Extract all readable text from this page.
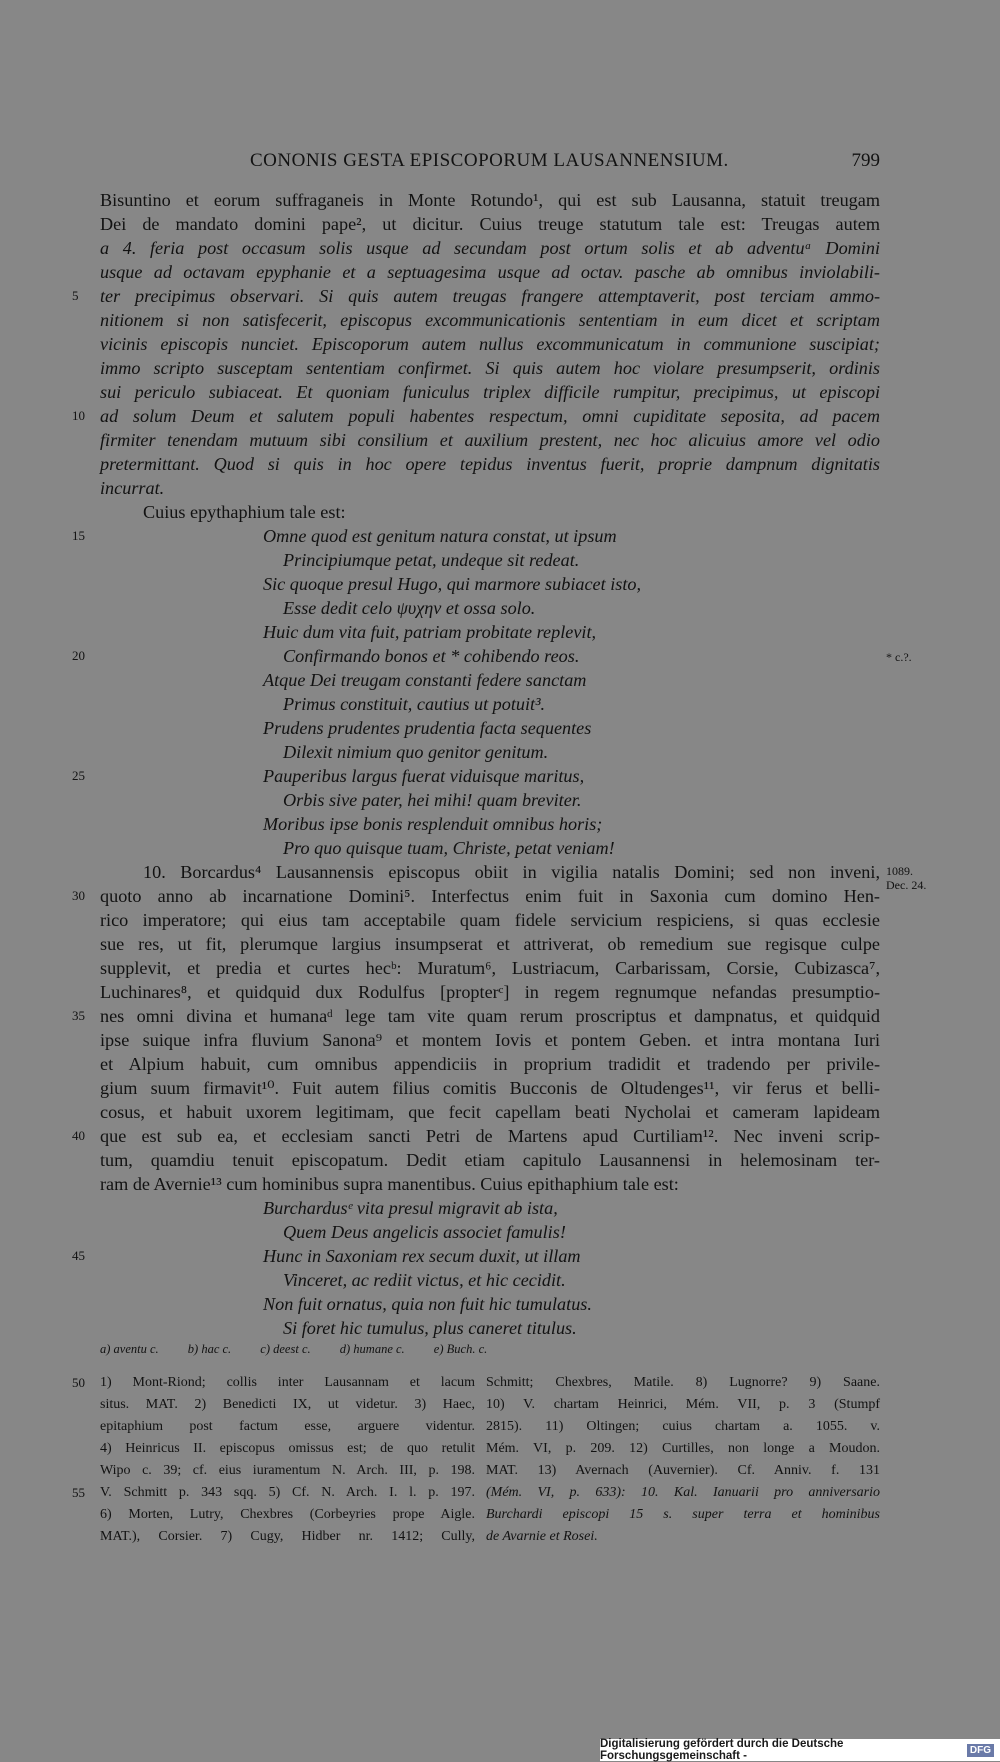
CONONIS GESTA EPISCOPORUM LAUSANNENSIUM.	799
Bisuntino et eorum suffraganeis in Monte Rotundo¹, qui est sub Lausanna, statuit treugam
Dei de mandato domini pape², ut dicitur. Cuius treuge statutum tale est: Treugas autem
a 4. feria post occasum solis usque ad secundam post ortum solis et ab adventuᵃ Domini
usque ad octavam epyphanie et a septuagesima usque ad octav. pasche ab omnibus inviolabili-
ter precipimus observari. Si quis autem treugas frangere attemptaverit, post terciam ammo-
nitionem si non satisfecerit, episcopus excommunicationis sententiam in eum dicet et scriptam
vicinis episcopis nunciet. Episcoporum autem nullus excommunicatum in communione suscipiat;
immo scripto susceptam sententiam confirmet. Si quis autem hoc violare presumpserit, ordinis
sui periculo subiaceat. Et quoniam funiculus triplex difficile rumpitur, precipimus, ut episcopi
ad solum Deum et salutem populi habentes respectum, omni cupiditate seposita, ad pacem
firmiter tenendam mutuum sibi consilium et auxilium prestent, nec hoc alicuius amore vel odio
pretermittant. Quod si quis in hoc opere tepidus inventus fuerit, proprie dampnum dignitatis
incurrat.
Cuius epythaphium tale est:
Omne quod est genitum natura constat, ut ipsum
Principiumque petat, undeque sit redeat.
Sic quoque presul Hugo, qui marmore subiacet isto,
Esse dedit celo ψυχην et ossa solo.
Huic dum vita fuit, patriam probitate replevit,
Confirmando bonos et * cohibendo reos.
Atque Dei treugam constanti federe sanctam
Primus constituit, cautius ut potuit³.
Prudens prudentes prudentia facta sequentes
Dilexit nimium quo genitor genitum.
Pauperibus largus fuerat viduisque maritus,
Orbis sive pater, hei mihi! quam breviter.
Moribus ipse bonis resplenduit omnibus horis;
Pro quo quisque tuam, Christe, petat veniam!
10. Borcardus⁴ Lausannensis episcopus obiit in vigilia natalis Domini; sed non inveni,
quoto anno ab incarnatione Domini⁵. Interfectus enim fuit in Saxonia cum domino Hen-
rico imperatore; qui eius tam acceptabile quam fidele servicium respiciens, si quas ecclesie
sue res, ut fit, plerumque largius insumpserat et attriverat, ob remedium sue regisque culpe
supplevit, et predia et curtes hecᵇ: Muratum⁶, Lustriacum, Carbarissam, Corsie, Cubizasca⁷,
Luchinares⁸, et quidquid dux Rodulfus [propterᶜ] in regem regnumque nefandas presumptio-
nes omni divina et humanaᵈ lege tam vite quam rerum proscriptus et dampnatus, et quidquid
ipse suique infra fluvium Sanona⁹ et montem Iovis et pontem Geben. et intra montana Iuri
et Alpium habuit, cum omnibus appendiciis in proprium tradidit et tradendo per privile-
gium suum firmavit¹⁰. Fuit autem filius comitis Bucconis de Oltudenges¹¹, vir ferus et belli-
cosus, et habuit uxorem legitimam, que fecit capellam beati Nycholai et cameram lapideam
que est sub ea, et ecclesiam sancti Petri de Martens apud Curtiliam¹². Nec inveni scrip-
tum, quamdiu tenuit episcopatum. Dedit etiam capitulo Lausannensi in helemosinam ter-
ram de Avernie¹³ cum hominibus supra manentibus. Cuius epithaphium tale est:
Burchardusᵉ vita presul migravit ab ista,
Quem Deus angelicis associet famulis!
Hunc in Saxoniam rex secum duxit, ut illam
Vinceret, ac rediit victus, et hic cecidit.
Non fuit ornatus, quia non fuit hic tumulatus.
Si foret hic tumulus, plus caneret titulus.
5
10
15
20
25
30
35
40
45
* c.?.
1089.
Dec. 24.
a) aventu c. b) hac c. c) deest c. d) humane c. e) Buch. c.
1) Mont-Riond; collis inter Lausannam et lacum
situs. MAT. 2) Benedicti IX, ut videtur. 3) Haec,
epitaphium post factum esse, arguere videntur.
4) Heinricus II. episcopus omissus est; de quo retulit
Wipo c. 39; cf. eius iuramentum N. Arch. III, p. 198.
V. Schmitt p. 343 sqq. 5) Cf. N. Arch. I. l. p. 197.
6) Morten, Lutry, Chexbres (Corbeyries prope Aigle.
MAT.), Corsier. 7) Cugy, Hidber nr. 1412; Cully,
Schmitt; Chexbres, Matile. 8) Lugnorre? 9) Saane.
10) V. chartam Heinrici, Mém. VII, p. 3 (Stumpf
2815). 11) Oltingen; cuius chartam a. 1055. v.
Mém. VI, p. 209. 12) Curtilles, non longe a Moudon.
MAT. 13) Avernach (Auvernier). Cf. Anniv. f. 131
(Mém. VI, p. 633): 10. Kal. Ianuarii pro anniversario
Burchardi episcopi 15 s. super terra et hominibus
de Avarnie et Rosei.
50
55
Digitalisierung gefördert durch die Deutsche Forschungsgemeinschaft -	DFG
